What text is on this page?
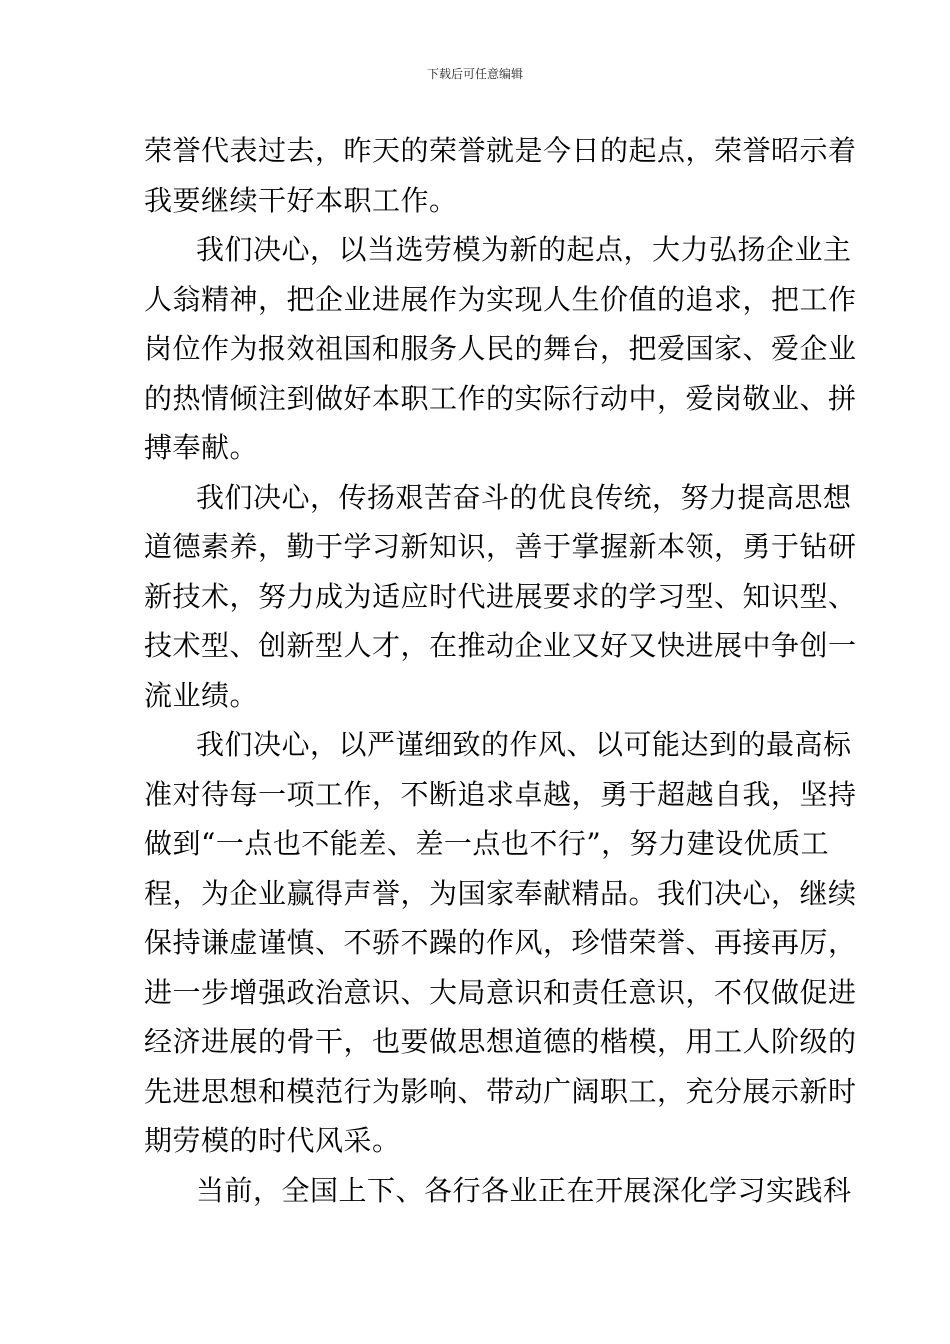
下载后可任意编辑
荣誉代表过去，昨天的荣誉就是今日的起点，荣誉昭示着
我要继续干好本职工作。
我们决心，以当选劳模为新的起点，大力弘扬企业主
人翁精神，把企业进展作为实现人生价值的追求，把工作
岗位作为报效祖国和服务人民的舞台，把爱国家、爱企业
的热情倾注到做好本职工作的实际行动中，爱岗敬业、拼
搏奉献。
我们决心，传扬艰苦奋斗的优良传统，努力提高思想
道德素养，勤于学习新知识，善于掌握新本领，勇于钻研
新技术，努力成为适应时代进展要求的学习型、知识型、
技术型、创新型人才，在推动企业又好又快进展中争创一
流业绩。
我们决心，以严谨细致的作风、以可能达到的最高标
准对待每一项工作，不断追求卓越，勇于超越自我，坚持
做到“一点也不能差、差一点也不行”，努力建设优质工
程，为企业赢得声誉，为国家奉献精品。我们决心，继续
保持谦虚谨慎、不骄不躁的作风，珍惜荣誉、再接再厉，
进一步增强政治意识、大局意识和责任意识，不仅做促进
经济进展的骨干，也要做思想道德的楷模，用工人阶级的
先进思想和模范行为影响、带动广阔职工，充分展示新时
期劳模的时代风采。
当前，全国上下、各行各业正在开展深化学习实践科
